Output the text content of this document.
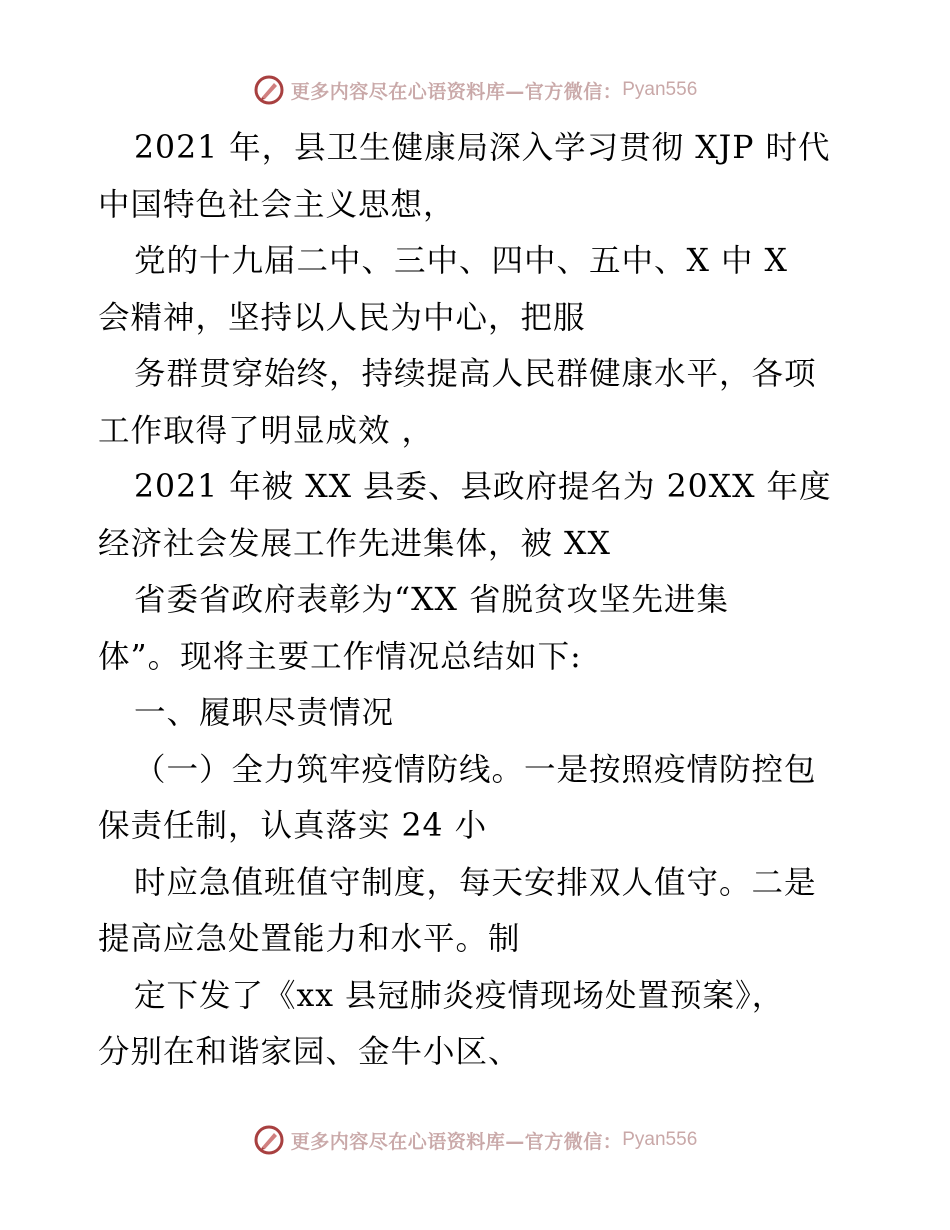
更多内容尽在心语资料库—官方微信： Pyan556
2021 年，县卫生健康局深入学习贯彻 XJP 时代
中国特色社会主义思想，
党的十九届二中、三中、四中、五中、X 中 X
会精神，坚持以人民为中心，把服
务群贯穿始终，持续提高人民群健康水平，各项
工作取得了明显成效 ，
2021 年被 XX 县委、县政府提名为 20XX 年度
经济社会发展工作先进集体，被 XX
省委省政府表彰为“XX 省脱贫攻坚先进集
体”。现将主要工作情况总结如下:
一、履职尽责情况
（一）全力筑牢疫情防线。一是按照疫情防控包
保责任制，认真落实 24 小
时应急值班值守制度，每天安排双人值守。二是
提高应急处置能力和水平。制
定下发了《xx 县冠肺炎疫情现场处置预案》，
分别在和谐家园、金牛小区、
更多内容尽在心语资料库—官方微信： Pyan556
